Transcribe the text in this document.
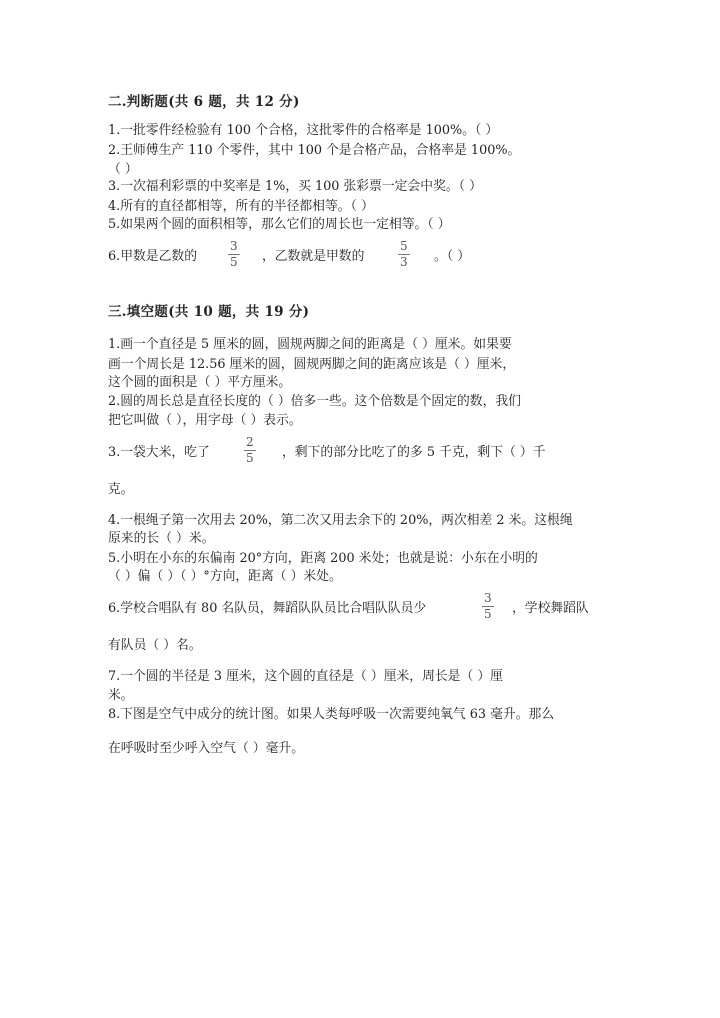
二.判断题(共 6 题，共 12 分)
1.一批零件经检验有 100 个合格，这批零件的合格率是 100%。（ ）
2.王师傅生产 110 个零件，其中 100 个是合格产品，合格率是 100%。
（ ）
3.一次福利彩票的中奖率是 1%，买 100 张彩票一定会中奖。（ ）
4.所有的直径都相等，所有的半径都相等。（ ）
5.如果两个圆的面积相等，那么它们的周长也一定相等。（ ）
6.甲数是乙数的
3
5 ，乙数就是甲数的
5
3 。（ ）
三.填空题(共 10 题，共 19 分)
1.画一个直径是 5 厘米的圆，圆规两脚之间的距离是（ ）厘米。如果要
画一个周长是 12.56 厘米的圆，圆规两脚之间的距离应该是（ ）厘米，
这个圆的面积是（ ）平方厘米。
2.圆的周长总是直径长度的（ ）倍多一些。这个倍数是个固定的数，我们
把它叫做（ ），用字母（ ）表示。
3.一袋大米，吃了
2
5 ，剩下的部分比吃了的多 5 千克，剩下（ ）千
克。
4.一根绳子第一次用去 20%，第二次又用去余下的 20%，两次相差 2 米。这根绳
原来的长（ ）米。
5.小明在小东的东偏南 20°方向，距离 200 米处；也就是说：小东在小明的
（ ）偏（ ）（ ）°方向，距离（ ）米处。
6.学校合唱队有 80 名队员，舞蹈队队员比合唱队队员少
3
5 ，学校舞蹈队
有队员（ ）名。
7.一个圆的半径是 3 厘米，这个圆的直径是（ ）厘米，周长是（ ）厘
米。
8.下图是空气中成分的统计图。如果人类每呼吸一次需要纯氧气 63 毫升。那么
在呼吸时至少呼入空气（ ）毫升。
